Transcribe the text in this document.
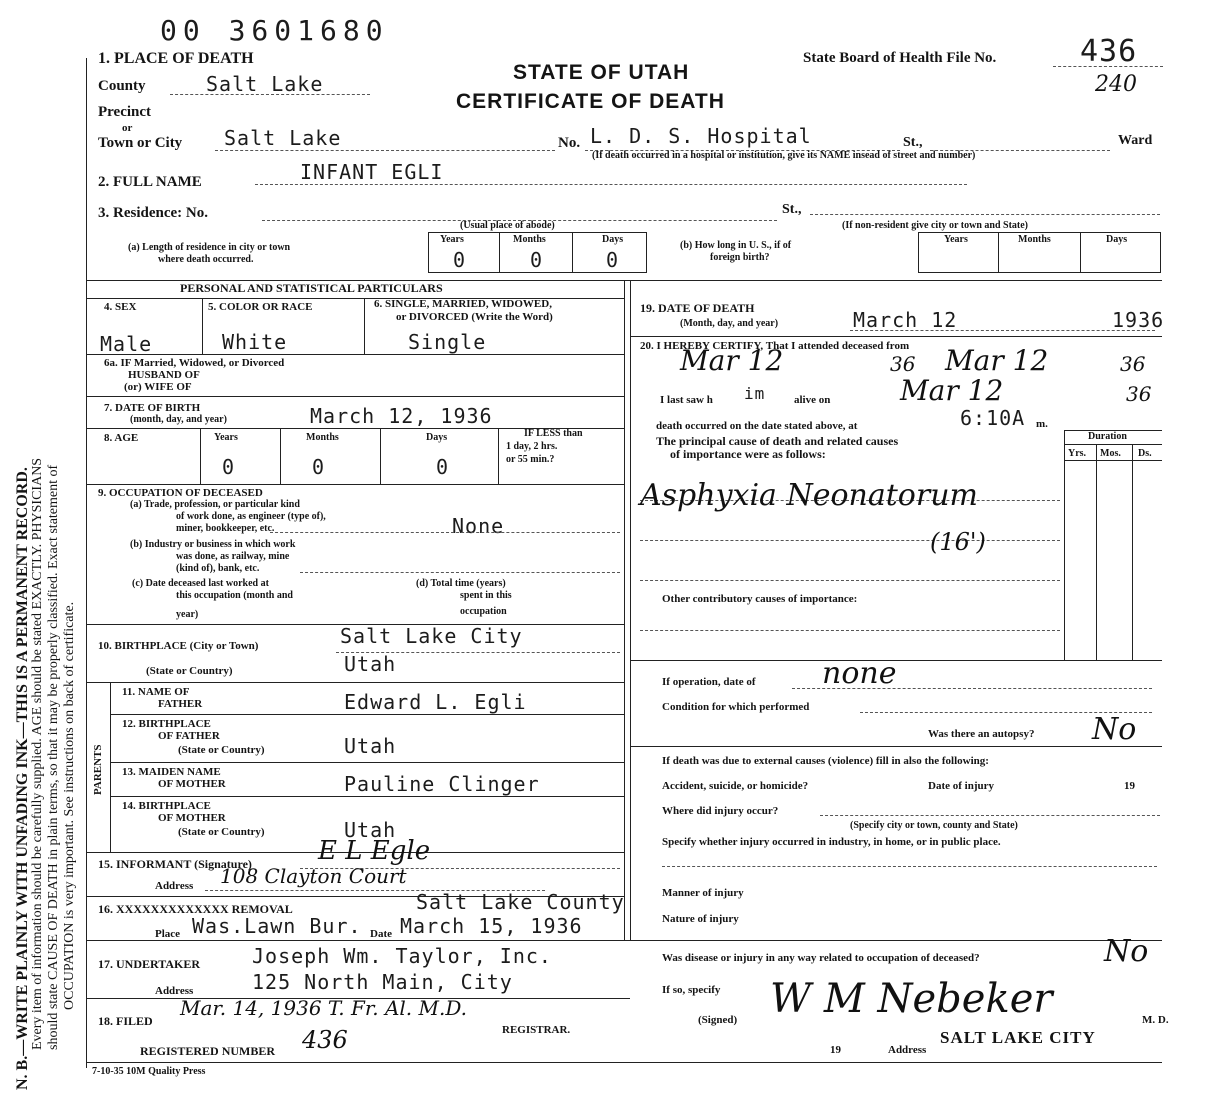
N. B.—WRITE PLAINLY WITH UNFADING INK—THIS IS A PERMANENT RECORD. Every item of information should be carefully supplied. AGE should be stated EXACTLY. PHYSICIANS should state CAUSE OF DEATH in plain terms, so that it may be properly classified. Exact statement of OCCUPATION is very important. See instructions on back of certificate.
00 3601680
1. PLACE OF DEATH
STATE OF UTAH
CERTIFICATE OF DEATH
State Board of Health File No.	436
240
County	Salt Lake
Precinct
or
Town or City Salt Lake	No. L. D. S. Hospital	St.,	Ward
(If death occurred in a hospital or institution, give its NAME insead of street and number)
2. FULL NAME	INFANT EGLI
3. Residence: No.	St.,
(Usual place of abode)	(If non-resident give city or town and State)
(a) Length of residence in city or town
where death occurred.
Years	Months	Days
0	0	0
(b) How long in U. S., if of
foreign birth?
Years	Months	Days
PERSONAL AND STATISTICAL PARTICULARS
4. SEX	5. COLOR OR RACE	6. SINGLE, MARRIED, WIDOWED,
or DIVORCED (Write the Word)
Male	White	Single
6a. IF Married, Widowed, or Divorced
HUSBAND OF
(or) WIFE OF
7. DATE OF BIRTH
(month, day, and year)	March 12, 1936
8. AGE	Years	Months	Days
0	0	0
IF LESS than
1 day, 2 hrs.
or 55 min.?
9. OCCUPATION OF DECEASED
(a) Trade, profession, or particular kind
of work done, as engineer (type of),
miner, bookkeeper, etc.	None
(b) Industry or business in which work
was done, as railway, mine
(kind of), bank, etc.
(c) Date deceased last worked at
this occupation (month and
year)
(d) Total time (years)
spent in this
occupation
10. BIRTHPLACE (City or Town)
(State or Country)
Salt Lake City
Utah
PARENTS
11. NAME OF
FATHER	Edward L. Egli
12. BIRTHPLACE
OF FATHER
(State or Country)	Utah
13. MAIDEN NAME
OF MOTHER	Pauline Clinger
14. BIRTHPLACE
OF MOTHER
(State or Country)	Utah
15. INFORMANT (Signature)	E L Egle
Address 108 Clayton Court
16. XXXXXXXXXXXXX REMOVAL	Salt Lake County
Place Was.Lawn Bur. Date March 15, 1936
17. UNDERTAKER	Joseph Wm. Taylor, Inc.
Address	125 North Main, City
18. FILED
Mar. 14, 1936 T. Fr. Al. M.D.
REGISTRAR.
REGISTERED NUMBER 436
7-10-35 10M Quality Press
19. DATE OF DEATH
(Month, day, and year)	March 12	1936
20. I HEREBY CERTIFY, That I attended deceased from
Mar 12	36 Mar 12	36
I last saw h im	alive on Mar 12	36
death occurred on the date stated above, at	6:10A m.
The principal cause of death and related causes
of importance were as follows:
Duration
Yrs. Mos. Ds.
Asphyxia Neonatorum
(16')
Other contributory causes of importance:
If operation, date of none
Condition for which performed
Was there an autopsy? No
If death was due to external causes (violence) fill in also the following:
Accident, suicide, or homicide?	Date of injury	19
Where did injury occur?
(Specify city or town, county and State)
Specify whether injury occurred in industry, in home, or in public place.
Manner of injury
Nature of injury
Was disease or injury in any way related to occupation of deceased?	No
If so, specify
(Signed) W M Nebeker	M. D.
19	Address
SALT LAKE CITY
